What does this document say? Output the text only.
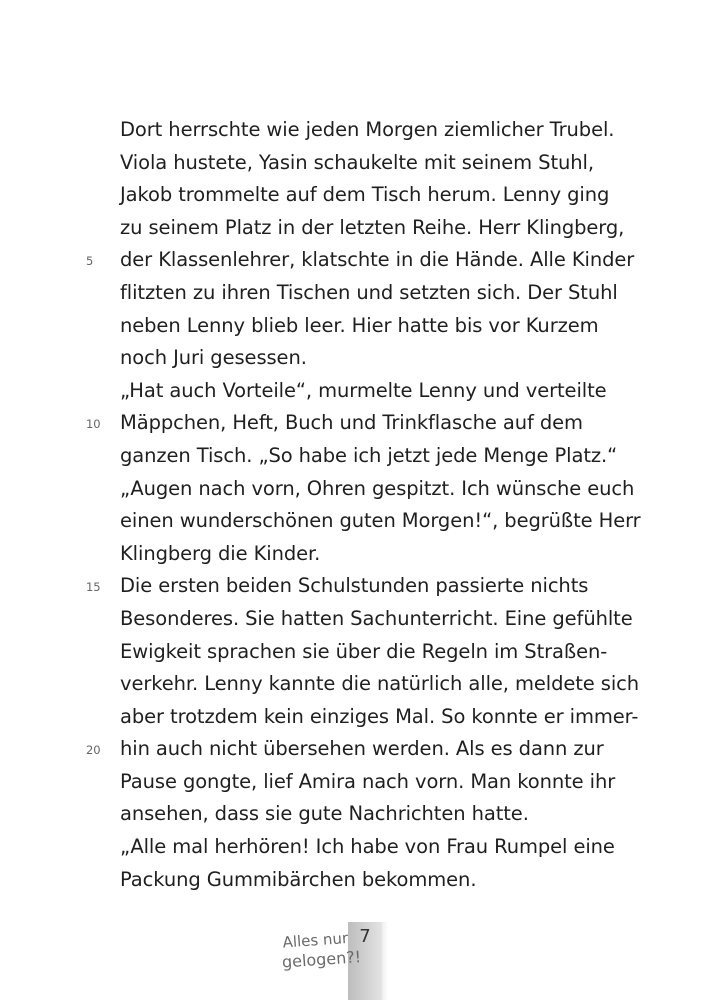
Dort herrschte wie jeden Morgen ziemlicher Trubel.
Viola hustete, Yasin schaukelte mit seinem Stuhl,
Jakob trommelte auf dem Tisch herum. Lenny ging
zu seinem Platz in der letzten Reihe. Herr Klingberg,
5	der Klassenlehrer, klatschte in die Hände. Alle Kinder
flitzten zu ihren Tischen und setzten sich. Der Stuhl
neben Lenny blieb leer. Hier hatte bis vor Kurzem
noch Juri gesessen.
„Hat auch Vorteile“, murmelte Lenny und verteilte
10	Mäppchen, Heft, Buch und Trinkflasche auf dem
ganzen Tisch. „So habe ich jetzt jede Menge Platz.“
„Augen nach vorn, Ohren gespitzt. Ich wünsche euch
einen wunderschönen guten Morgen!“, begrüßte Herr
Klingberg die Kinder.
15	Die ersten beiden Schulstunden passierte nichts
Besonderes. Sie hatten Sachunterricht. Eine gefühlte
Ewigkeit sprachen sie über die Regeln im Straßen-
verkehr. Lenny kannte die natürlich alle, meldete sich
aber trotzdem kein einziges Mal. So konnte er immer-
20	hin auch nicht übersehen werden. Als es dann zur
Pause gongte, lief Amira nach vorn. Man konnte ihr
ansehen, dass sie gute Nachrichten hatte.
„Alle mal herhören! Ich habe von Frau Rumpel eine
Packung Gummibärchen bekommen.
7
Alles nur
gelogen?!
